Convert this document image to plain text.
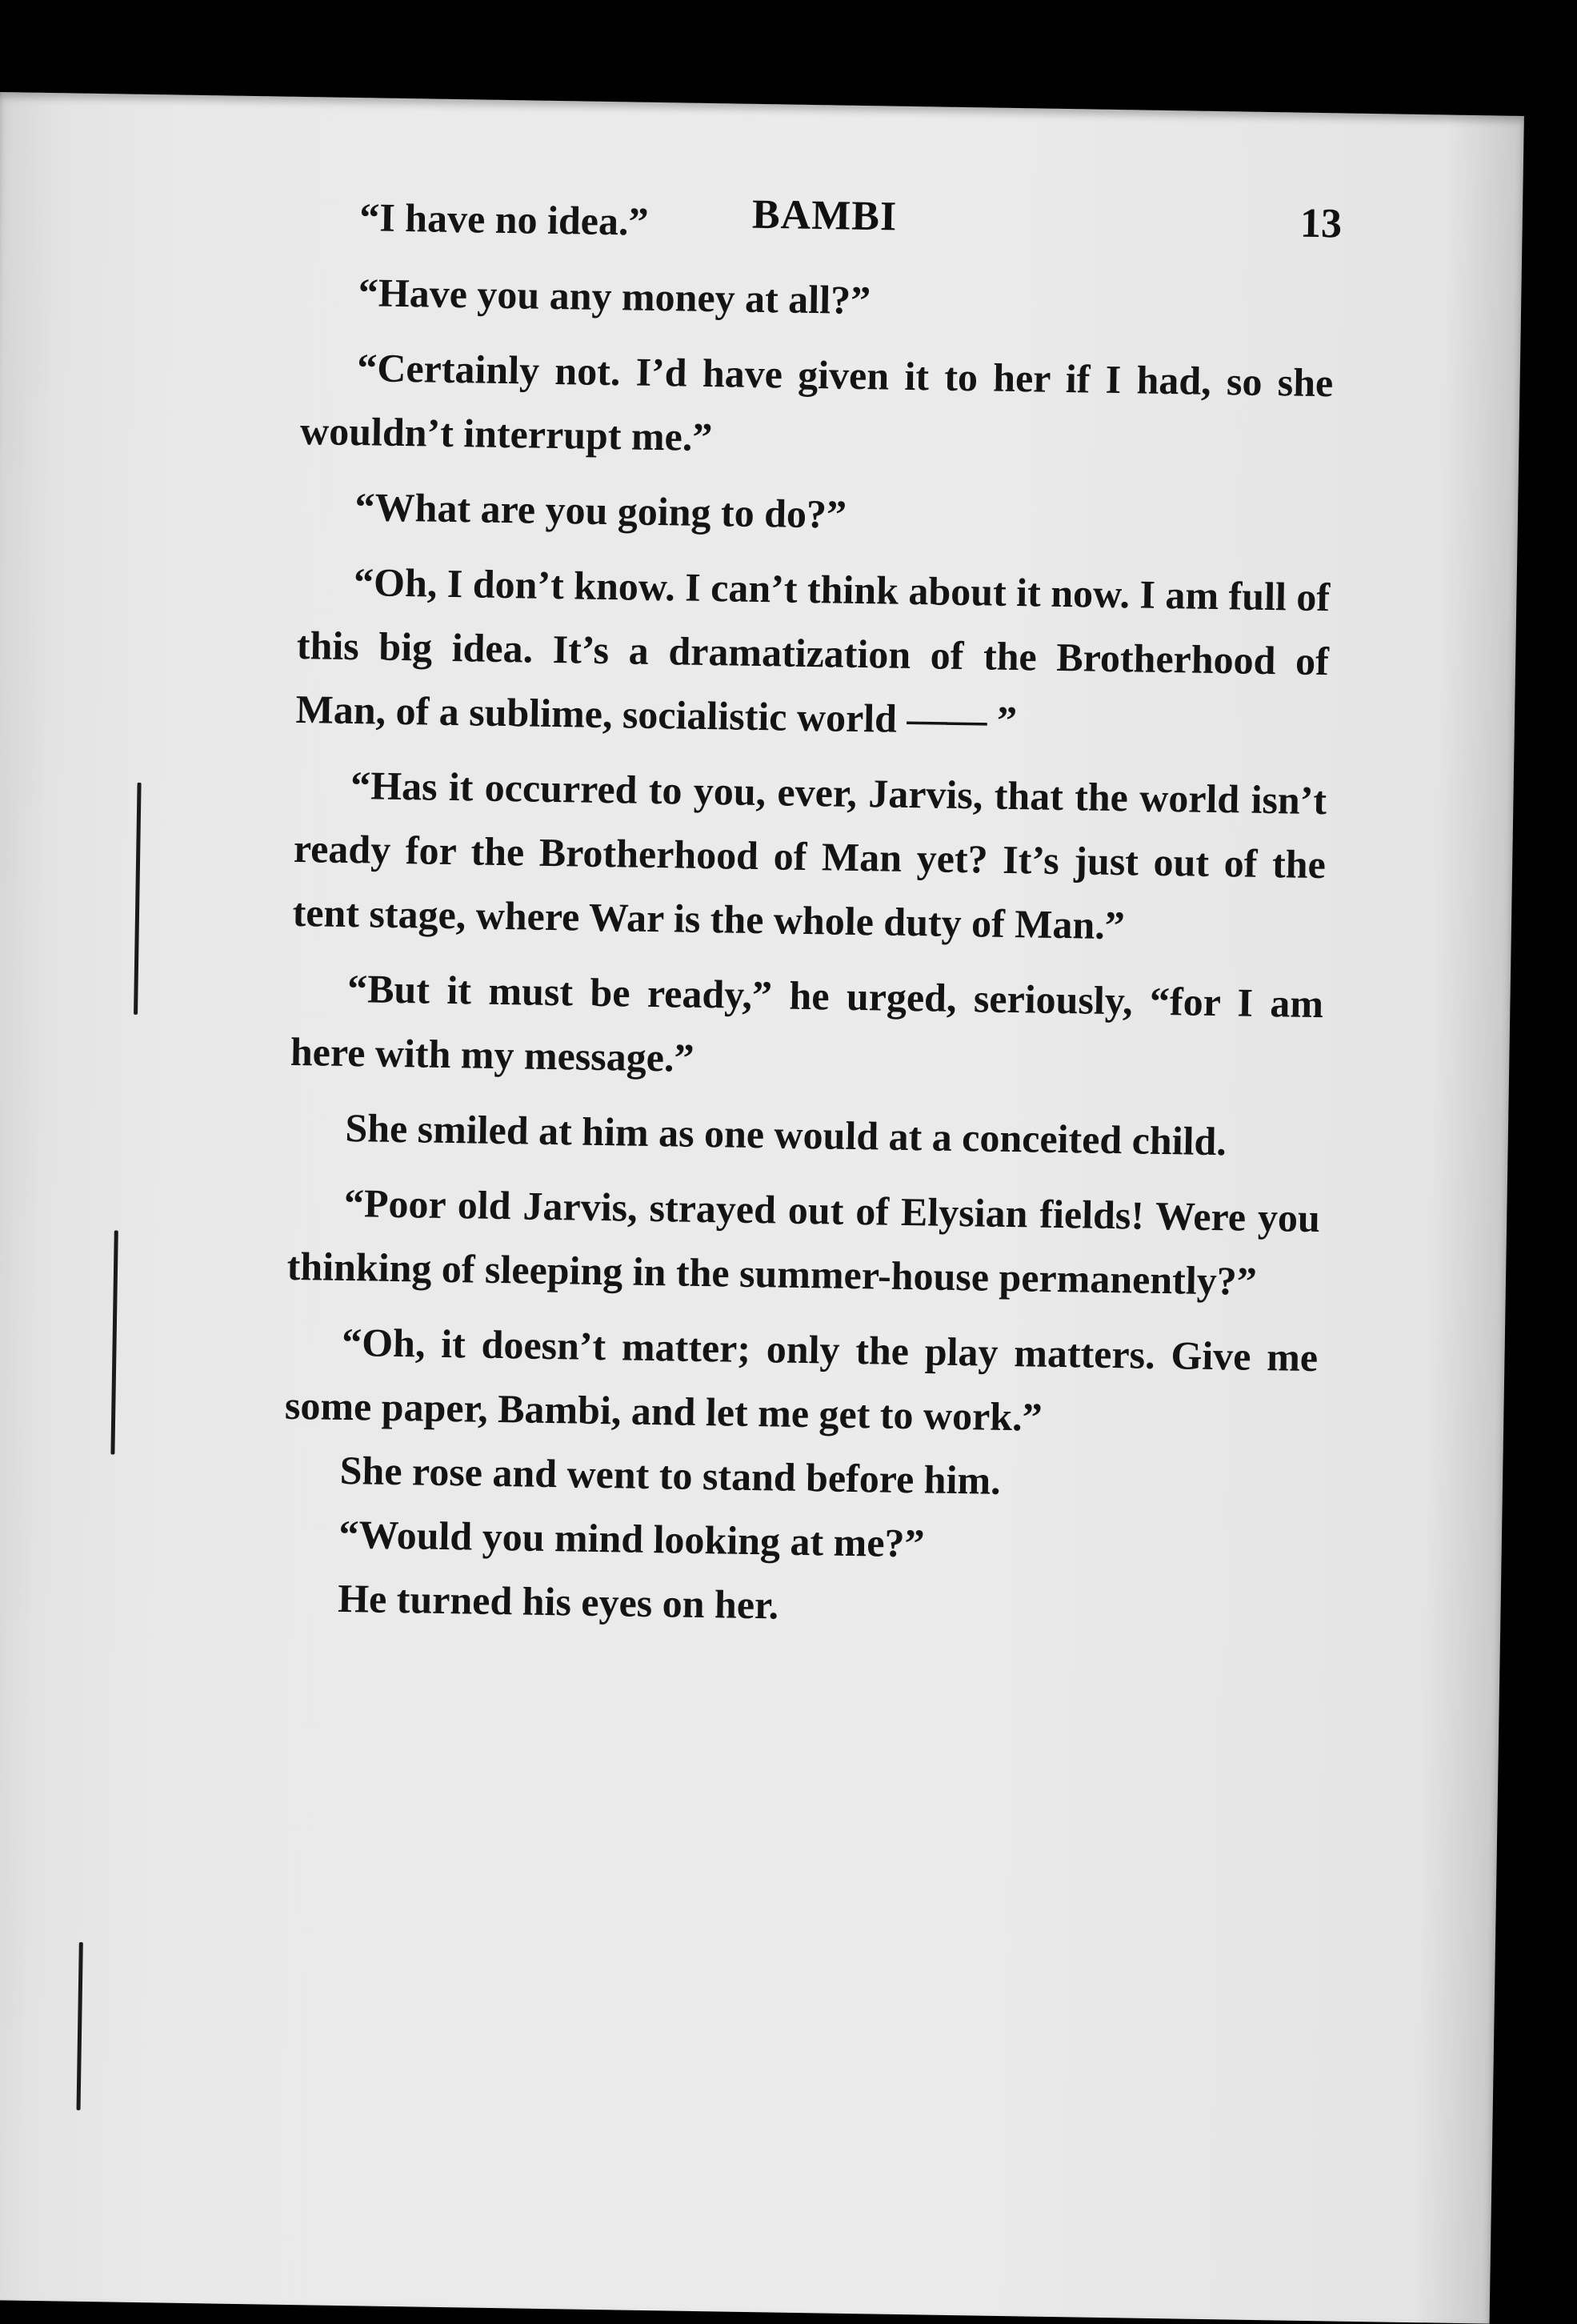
BAMBI	13

“I have no idea.”

“Have you any money at all?”

“Certainly not. I’d have given it to her if I had, so she wouldn’t interrupt me.”

“What are you going to do?”

“Oh, I don’t know. I can’t think about it now. I am full of this big idea. It’s a dramatization of the Brotherhood of Man, of a sublime, socialistic world —— ”

“Has it occurred to you, ever, Jarvis, that the world isn’t ready for the Brotherhood of Man yet? It’s just out of the tent stage, where War is the whole duty of Man.”

“But it must be ready,” he urged, seriously, “for I am here with my message.”

She smiled at him as one would at a conceited child.

“Poor old Jarvis, strayed out of Elysian fields! Were you thinking of sleeping in the summer-house permanently?”

“Oh, it doesn’t matter; only the play matters. Give me some paper, Bambi, and let me get to work.”

She rose and went to stand before him.

“Would you mind looking at me?”

He turned his eyes on her.
